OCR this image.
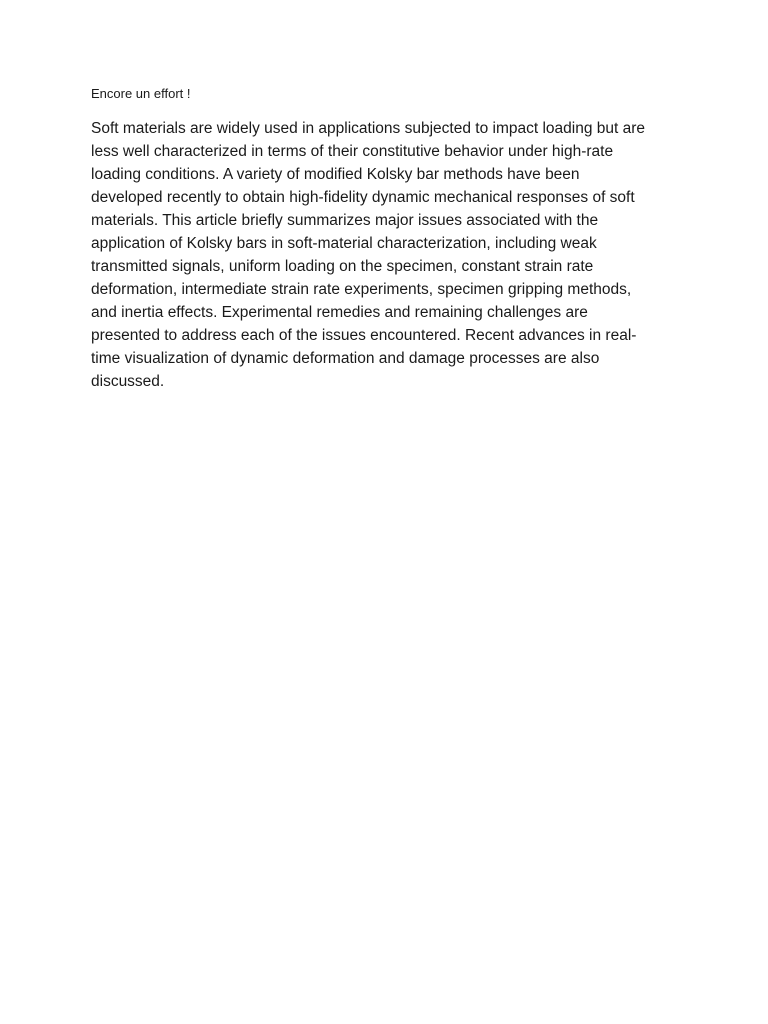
Encore un effort !

Soft materials are widely used in applications subjected to impact loading but are
less well characterized in terms of their constitutive behavior under high-rate
loading conditions. A variety of modified Kolsky bar methods have been
developed recently to obtain high-fidelity dynamic mechanical responses of soft
materials. This article briefly summarizes major issues associated with the
application of Kolsky bars in soft-material characterization, including weak
transmitted signals, uniform loading on the specimen, constant strain rate
deformation, intermediate strain rate experiments, specimen gripping methods,
and inertia effects. Experimental remedies and remaining challenges are
presented to address each of the issues encountered. Recent advances in real-
time visualization of dynamic deformation and damage processes are also
discussed.
